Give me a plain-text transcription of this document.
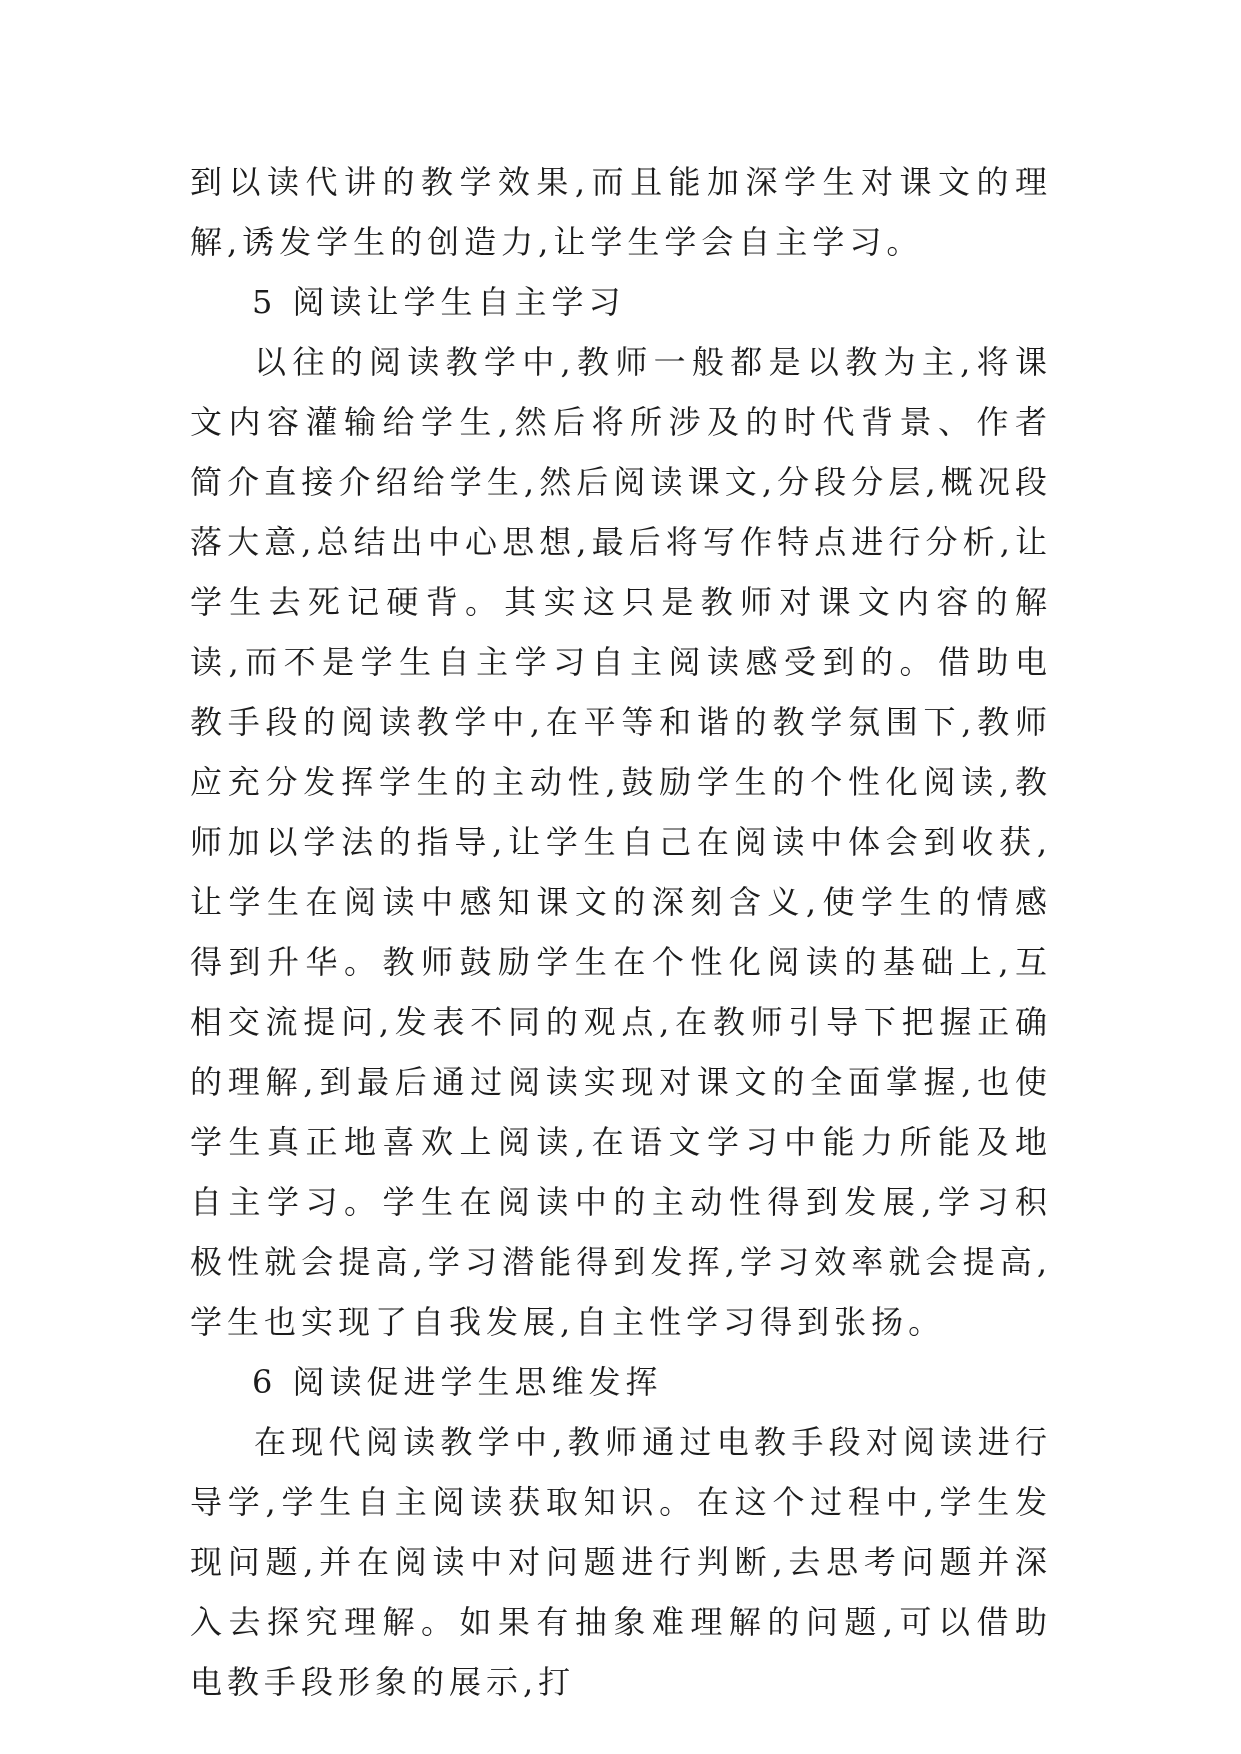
到以读代讲的教学效果,而且能加深学生对课文的理解,诱发学生的创造力,让学生学会自主学习。

5 阅读让学生自主学习

以往的阅读教学中,教师一般都是以教为主,将课文内容灌输给学生,然后将所涉及的时代背景、作者简介直接介绍给学生,然后阅读课文,分段分层,概况段落大意,总结出中心思想,最后将写作特点进行分析,让学生去死记硬背。其实这只是教师对课文内容的解读,而不是学生自主学习自主阅读感受到的。借助电教手段的阅读教学中,在平等和谐的教学氛围下,教师应充分发挥学生的主动性,鼓励学生的个性化阅读,教师加以学法的指导,让学生自己在阅读中体会到收获,让学生在阅读中感知课文的深刻含义,使学生的情感得到升华。教师鼓励学生在个性化阅读的基础上,互相交流提问,发表不同的观点,在教师引导下把握正确的理解,到最后通过阅读实现对课文的全面掌握,也使学生真正地喜欢上阅读,在语文学习中能力所能及地自主学习。学生在阅读中的主动性得到发展,学习积极性就会提高,学习潜能得到发挥,学习效率就会提高,学生也实现了自我发展,自主性学习得到张扬。

6 阅读促进学生思维发挥

在现代阅读教学中,教师通过电教手段对阅读进行导学,学生自主阅读获取知识。在这个过程中,学生发现问题,并在阅读中对问题进行判断,去思考问题并深入去探究理解。如果有抽象难理解的问题,可以借助电教手段形象的展示,打
